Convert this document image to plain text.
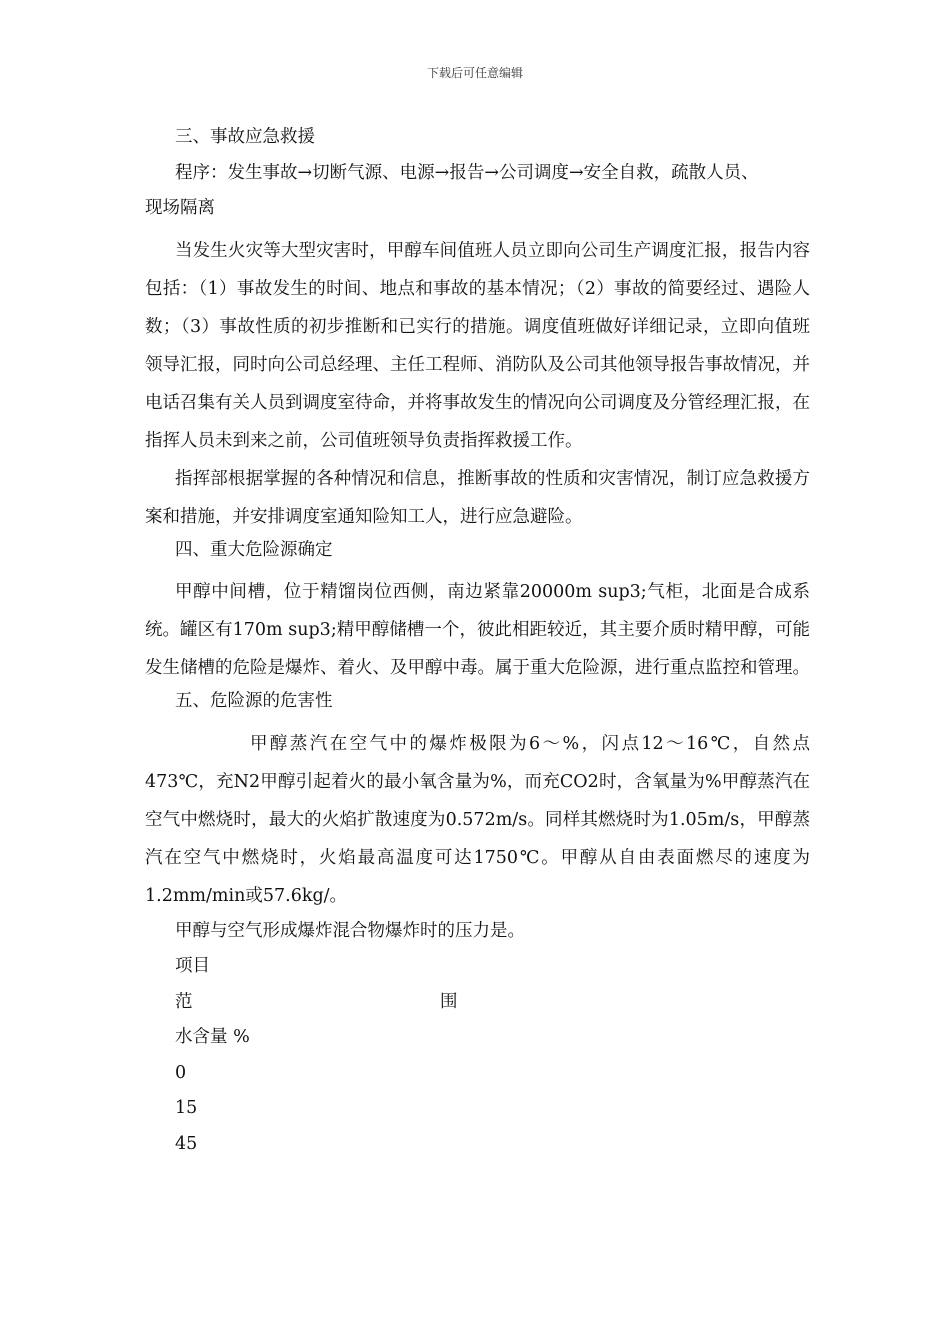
下载后可任意编辑
三、事故应急救援
程序：发生事故→切断气源、电源→报告→公司调度→安全自救，疏散人员、
现场隔离
当发生火灾等大型灾害时，甲醇车间值班人员立即向公司生产调度汇报，报告内容包括：（1）事故发生的时间、地点和事故的基本情况；（2）事故的简要经过、遇险人数；（3）事故性质的初步推断和已实行的措施。调度值班做好详细记录，立即向值班领导汇报，同时向公司总经理、主任工程师、消防队及公司其他领导报告事故情况，并电话召集有关人员到调度室待命，并将事故发生的情况向公司调度及分管经理汇报，在指挥人员未到来之前，公司值班领导负责指挥救援工作。
指挥部根据掌握的各种情况和信息，推断事故的性质和灾害情况，制订应急救援方案和措施，并安排调度室通知险知工人，进行应急避险。
四、重大危险源确定
甲醇中间槽，位于精馏岗位西侧，南边紧靠20000m sup3;气柜，北面是合成系统。罐区有170m sup3;精甲醇储槽一个，彼此相距较近，其主要介质时精甲醇，可能发生储槽的危险是爆炸、着火、及甲醇中毒。属于重大危险源，进行重点监控和管理。
五、危险源的危害性
甲醇蒸汽在空气中的爆炸极限为6～%，闪点12～16℃，自然点473℃，充N2甲醇引起着火的最小氧含量为%，而充CO2时，含氧量为%甲醇蒸汽在空气中燃烧时，最大的火焰扩散速度为0.572m/s。同样其燃烧时为1.05m/s，甲醇蒸汽在空气中燃烧时，火焰最高温度可达1750℃。甲醇从自由表面燃尽的速度为1.2mm/min或57.6kg/。
甲醇与空气形成爆炸混合物爆炸时的压力是。
项目
范	围
水含量 %
0
15
45
